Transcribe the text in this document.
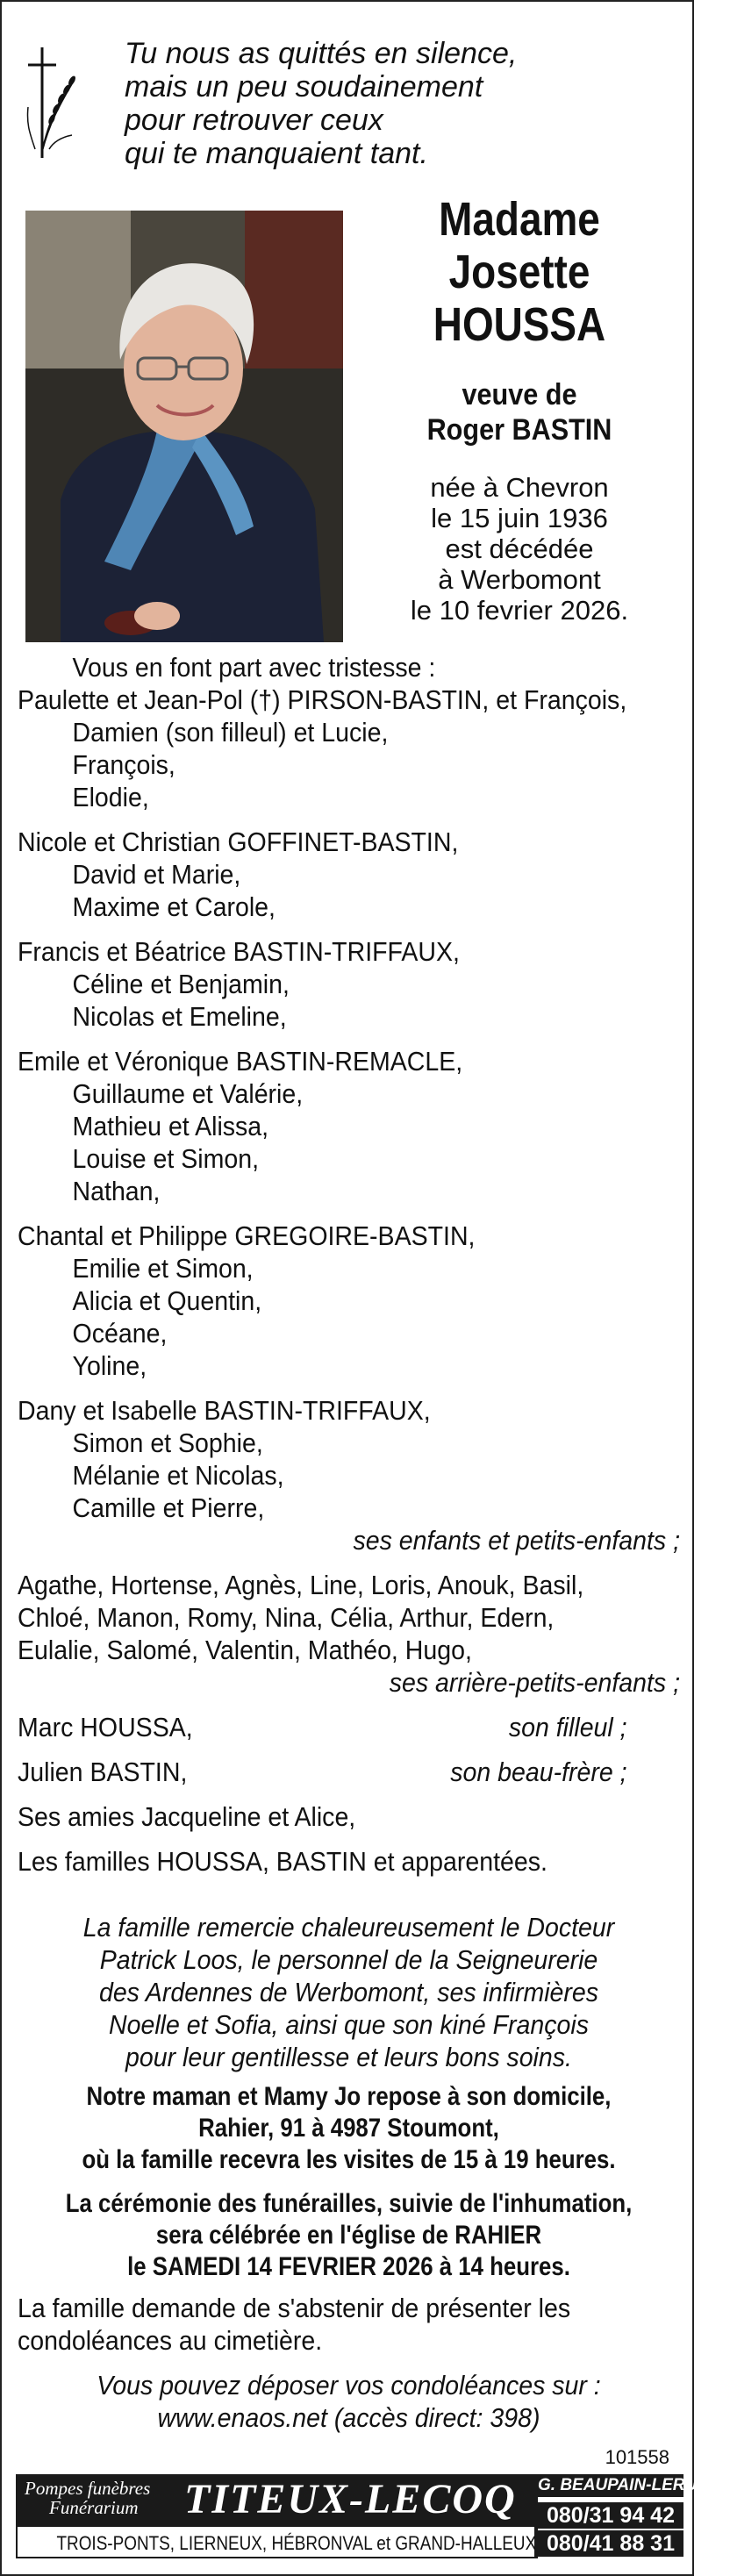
Tu nous as quittés en silence,
mais un peu soudainement
pour retrouver ceux
qui te manquaient tant.
Madame
Josette
HOUSSA
veuve de
Roger BASTIN
née à Chevron
le 15 juin 1936
est décédée
à Werbomont
le 10 fevrier 2026.
Vous en font part avec tristesse :
Paulette et Jean-Pol (†) PIRSON-BASTIN, et François,
Damien (son filleul) et Lucie,
François,
Elodie,
Nicole et Christian GOFFINET-BASTIN,
David et Marie,
Maxime et Carole,
Francis et Béatrice BASTIN-TRIFFAUX,
Céline et Benjamin,
Nicolas et Emeline,
Emile et Véronique BASTIN-REMACLE,
Guillaume et Valérie,
Mathieu et Alissa,
Louise et Simon,
Nathan,
Chantal et Philippe GREGOIRE-BASTIN,
Emilie et Simon,
Alicia et Quentin,
Océane,
Yoline,
Dany et Isabelle BASTIN-TRIFFAUX,
Simon et Sophie,
Mélanie et Nicolas,
Camille et Pierre,
ses enfants et petits-enfants ;
Agathe, Hortense, Agnès, Line, Loris, Anouk, Basil,
Chloé, Manon, Romy, Nina, Célia, Arthur, Edern,
Eulalie, Salomé, Valentin, Mathéo, Hugo,
ses arrière-petits-enfants ;
Marc HOUSSA,	son filleul ;
Julien BASTIN,	son beau-frère ;
Ses amies Jacqueline et Alice,
Les familles HOUSSA, BASTIN et apparentées.
La famille remercie chaleureusement le Docteur
Patrick Loos, le personnel de la Seigneurerie
des Ardennes de Werbomont, ses infirmières
Noelle et Sofia, ainsi que son kiné François
pour leur gentillesse et leurs bons soins.
Notre maman et Mamy Jo repose à son domicile,
Rahier, 91 à 4987 Stoumont,
où la famille recevra les visites de 15 à 19 heures.
La cérémonie des funérailles, suivie de l'inhumation,
sera célébrée en l'église de RAHIER
le SAMEDI 14 FEVRIER 2026 à 14 heures.
La famille demande de s'abstenir de présenter les
condoléances au cimetière.
Vous pouvez déposer vos condoléances sur :
www.enaos.net (accès direct: 398)
101558
Pompes funèbres
Funérarium TITEUX-LECOQ G. BEAUPAIN-LERUSSE
080/31 94 42
080/41 88 31
TROIS-PONTS, LIERNEUX, HÉBRONVAL et GRAND-HALLEUX
